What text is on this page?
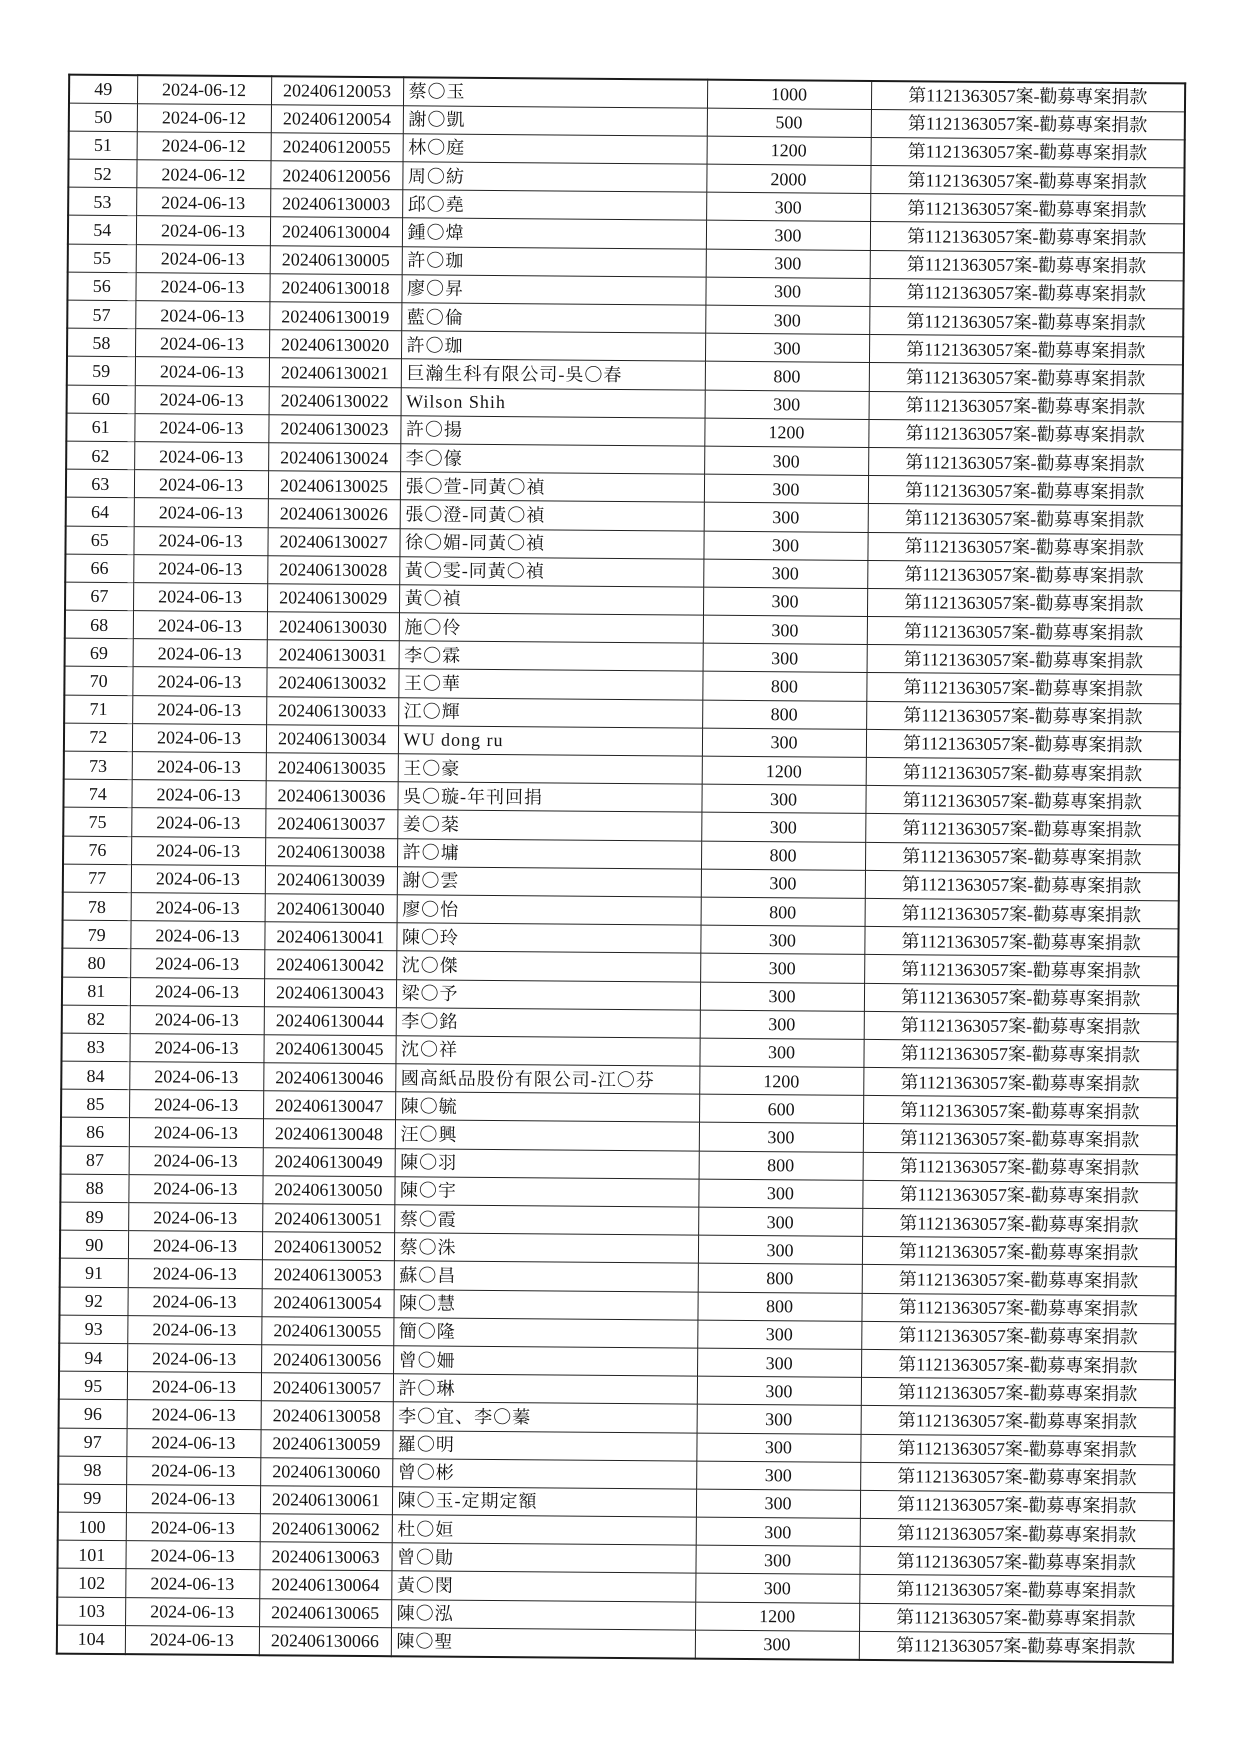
49	2024-06-12	202406120053	蔡〇玉	1000	第1121363057案-勸募專案捐款
50	2024-06-12	202406120054	謝〇凱	500	第1121363057案-勸募專案捐款
51	2024-06-12	202406120055	林〇庭	1200	第1121363057案-勸募專案捐款
52	2024-06-12	202406120056	周〇紡	2000	第1121363057案-勸募專案捐款
53	2024-06-13	202406130003	邱〇堯	300	第1121363057案-勸募專案捐款
54	2024-06-13	202406130004	鍾〇煒	300	第1121363057案-勸募專案捐款
55	2024-06-13	202406130005	許〇珈	300	第1121363057案-勸募專案捐款
56	2024-06-13	202406130018	廖〇昇	300	第1121363057案-勸募專案捐款
57	2024-06-13	202406130019	藍〇倫	300	第1121363057案-勸募專案捐款
58	2024-06-13	202406130020	許〇珈	300	第1121363057案-勸募專案捐款
59	2024-06-13	202406130021	巨瀚生科有限公司-吳〇春	800	第1121363057案-勸募專案捐款
60	2024-06-13	202406130022	Wilson Shih	300	第1121363057案-勸募專案捐款
61	2024-06-13	202406130023	許〇揚	1200	第1121363057案-勸募專案捐款
62	2024-06-13	202406130024	李〇儫	300	第1121363057案-勸募專案捐款
63	2024-06-13	202406130025	張〇萱-同黃〇禎	300	第1121363057案-勸募專案捐款
64	2024-06-13	202406130026	張〇澄-同黃〇禎	300	第1121363057案-勸募專案捐款
65	2024-06-13	202406130027	徐〇媚-同黃〇禎	300	第1121363057案-勸募專案捐款
66	2024-06-13	202406130028	黃〇雯-同黃〇禎	300	第1121363057案-勸募專案捐款
67	2024-06-13	202406130029	黃〇禎	300	第1121363057案-勸募專案捐款
68	2024-06-13	202406130030	施〇伶	300	第1121363057案-勸募專案捐款
69	2024-06-13	202406130031	李〇霖	300	第1121363057案-勸募專案捐款
70	2024-06-13	202406130032	王〇華	800	第1121363057案-勸募專案捐款
71	2024-06-13	202406130033	江〇輝	800	第1121363057案-勸募專案捐款
72	2024-06-13	202406130034	WU dong ru	300	第1121363057案-勸募專案捐款
73	2024-06-13	202406130035	王〇豪	1200	第1121363057案-勸募專案捐款
74	2024-06-13	202406130036	吳〇璇-年刊回捐	300	第1121363057案-勸募專案捐款
75	2024-06-13	202406130037	姜〇棻	300	第1121363057案-勸募專案捐款
76	2024-06-13	202406130038	許〇墉	800	第1121363057案-勸募專案捐款
77	2024-06-13	202406130039	謝〇雲	300	第1121363057案-勸募專案捐款
78	2024-06-13	202406130040	廖〇怡	800	第1121363057案-勸募專案捐款
79	2024-06-13	202406130041	陳〇玲	300	第1121363057案-勸募專案捐款
80	2024-06-13	202406130042	沈〇傑	300	第1121363057案-勸募專案捐款
81	2024-06-13	202406130043	梁〇予	300	第1121363057案-勸募專案捐款
82	2024-06-13	202406130044	李〇銘	300	第1121363057案-勸募專案捐款
83	2024-06-13	202406130045	沈〇祥	300	第1121363057案-勸募專案捐款
84	2024-06-13	202406130046	國高紙品股份有限公司-江〇芬	1200	第1121363057案-勸募專案捐款
85	2024-06-13	202406130047	陳〇毓	600	第1121363057案-勸募專案捐款
86	2024-06-13	202406130048	汪〇興	300	第1121363057案-勸募專案捐款
87	2024-06-13	202406130049	陳〇羽	800	第1121363057案-勸募專案捐款
88	2024-06-13	202406130050	陳〇宇	300	第1121363057案-勸募專案捐款
89	2024-06-13	202406130051	蔡〇霞	300	第1121363057案-勸募專案捐款
90	2024-06-13	202406130052	蔡〇洙	300	第1121363057案-勸募專案捐款
91	2024-06-13	202406130053	蘇〇昌	800	第1121363057案-勸募專案捐款
92	2024-06-13	202406130054	陳〇慧	800	第1121363057案-勸募專案捐款
93	2024-06-13	202406130055	簡〇隆	300	第1121363057案-勸募專案捐款
94	2024-06-13	202406130056	曾〇姍	300	第1121363057案-勸募專案捐款
95	2024-06-13	202406130057	許〇琳	300	第1121363057案-勸募專案捐款
96	2024-06-13	202406130058	李〇宜、李〇蓁	300	第1121363057案-勸募專案捐款
97	2024-06-13	202406130059	羅〇明	300	第1121363057案-勸募專案捐款
98	2024-06-13	202406130060	曾〇彬	300	第1121363057案-勸募專案捐款
99	2024-06-13	202406130061	陳〇玉-定期定額	300	第1121363057案-勸募專案捐款
100	2024-06-13	202406130062	杜〇姮	300	第1121363057案-勸募專案捐款
101	2024-06-13	202406130063	曾〇勛	300	第1121363057案-勸募專案捐款
102	2024-06-13	202406130064	黃〇閔	300	第1121363057案-勸募專案捐款
103	2024-06-13	202406130065	陳〇泓	1200	第1121363057案-勸募專案捐款
104	2024-06-13	202406130066	陳〇聖	300	第1121363057案-勸募專案捐款
